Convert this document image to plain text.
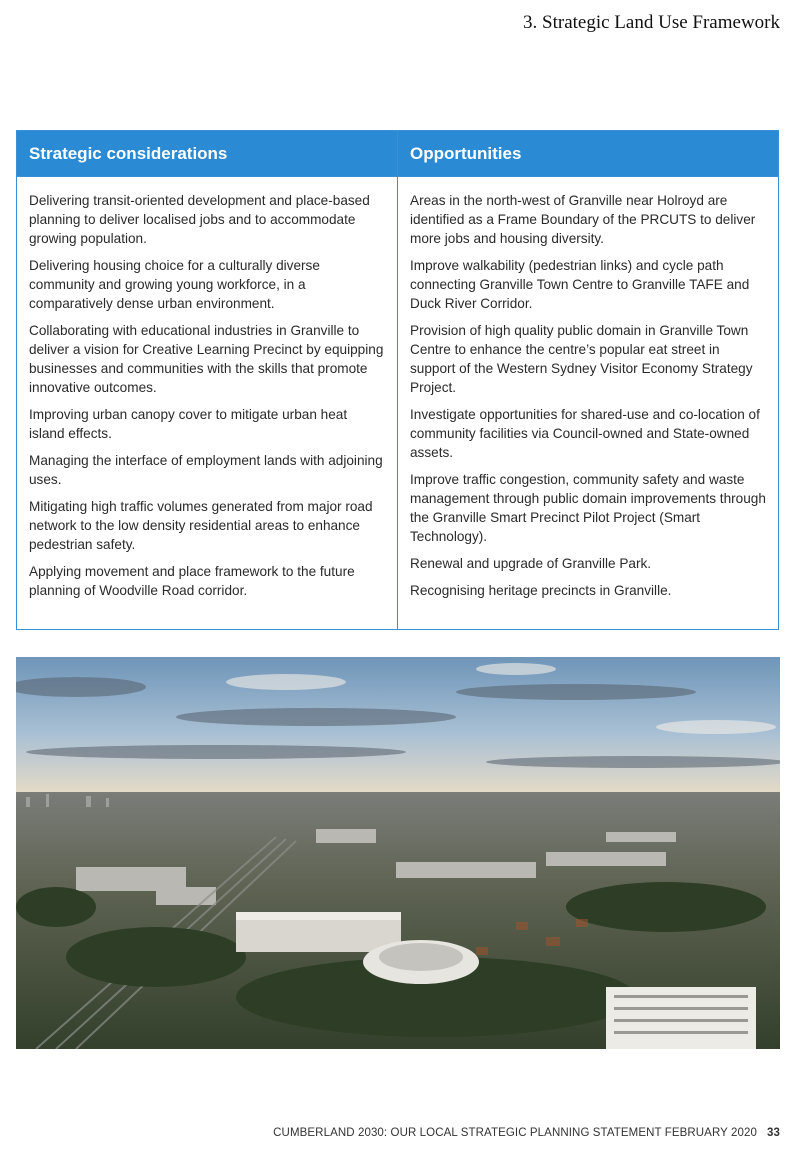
3. Strategic Land Use Framework
Strategic considerations

Delivering transit-oriented development and place-based planning to deliver localised jobs and to accommodate growing population.

Delivering housing choice for a culturally diverse community and growing young workforce, in a comparatively dense urban environment.

Collaborating with educational industries in Granville to deliver a vision for Creative Learning Precinct by equipping businesses and communities with the skills that promote innovative outcomes.

Improving urban canopy cover to mitigate urban heat island effects.

Managing the interface of employment lands with adjoining uses.

Mitigating high traffic volumes generated from major road network to the low density residential areas to enhance pedestrian safety.

Applying movement and place framework to the future planning of Woodville Road corridor.

Opportunities

Areas in the north-west of Granville near Holroyd are identified as a Frame Boundary of the PRCUTS to deliver more jobs and housing diversity.

Improve walkability (pedestrian links) and cycle path connecting Granville Town Centre to Granville TAFE and Duck River Corridor.

Provision of high quality public domain in Granville Town Centre to enhance the centre’s popular eat street in support of the Western Sydney Visitor Economy Strategy Project.

Investigate opportunities for shared-use and co-location of community facilities via Council-owned and State-owned assets.

Improve traffic congestion, community safety and waste management through public domain improvements through the Granville Smart Precinct Pilot Project (Smart Technology).

Renewal and upgrade of Granville Park.

Recognising heritage precincts in Granville.

CUMBERLAND 2030: OUR LOCAL STRATEGIC PLANNING STATEMENT FEBRUARY 2020 33
